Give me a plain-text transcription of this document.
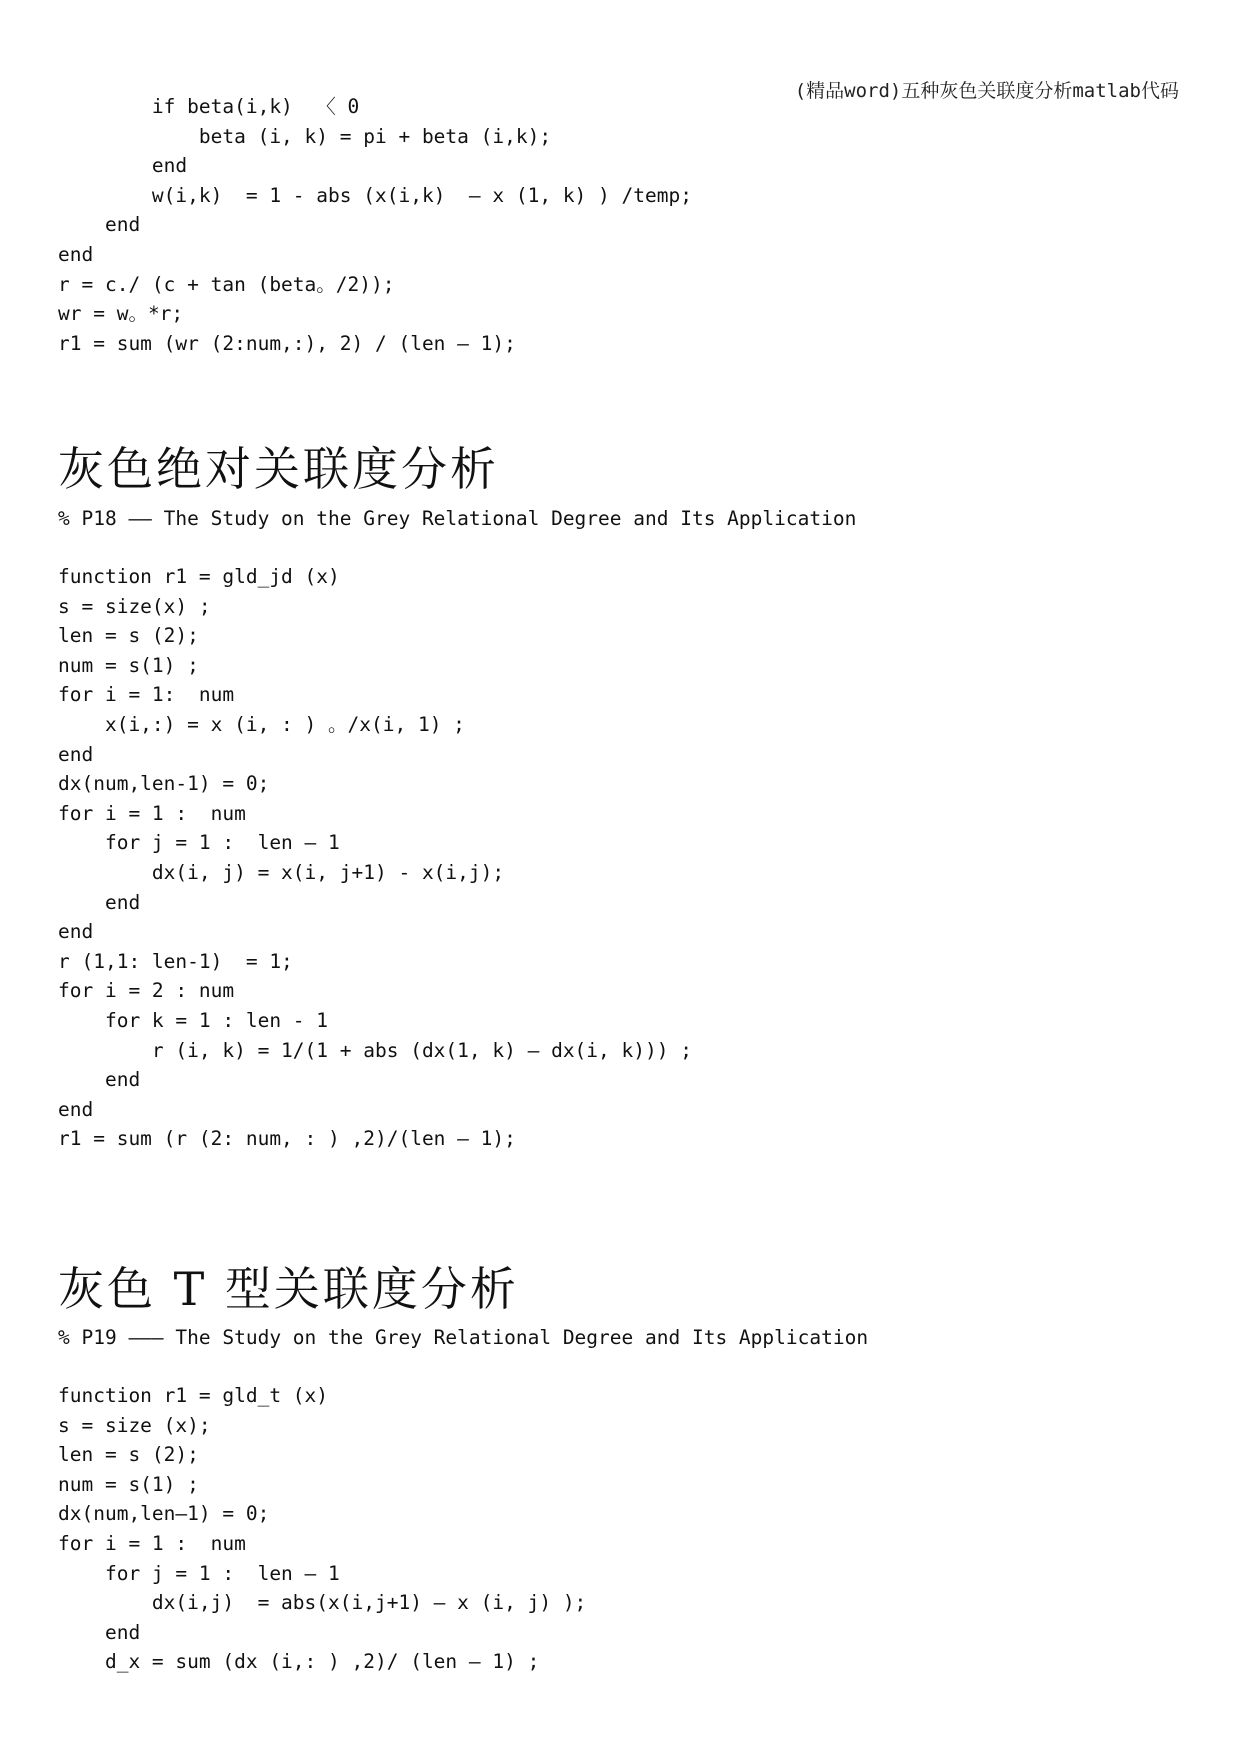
(精品word)五种灰色关联度分析matlab代码
if beta(i,k)  〈 0
beta (i, k) = pi + beta (i,k);
end
w(i,k)  = 1 - abs (x(i,k)  — x (1, k) ) /temp;
end
end
r = c./ (c + tan (beta。/2));
wr = w。*r;
r1 = sum (wr (2:num,:), 2) / (len — 1);
灰色绝对关联度分析
% P18 —— The Study on the Grey Relational Degree and Its Application
function r1 = gld_jd (x)
s = size(x) ;
len = s (2);
num = s(1) ;
for i = 1:  num
x(i,:) = x (i, : ) 。/x(i, 1) ;
end
dx(num,len-1) = 0;
for i = 1 :  num
for j = 1 :  len — 1
dx(i, j) = x(i, j+1) - x(i,j);
end
end
r (1,1: len-1)  = 1;
for i = 2 : num
for k = 1 : len - 1
r (i, k) = 1/(1 + abs (dx(1, k) — dx(i, k))) ;
end
end
r1 = sum (r (2: num, : ) ,2)/(len — 1);
灰色 T 型关联度分析
% P19 ——— The Study on the Grey Relational Degree and Its Application
function r1 = gld_t (x)
s = size (x);
len = s (2);
num = s(1) ;
dx(num,len—1) = 0;
for i = 1 :  num
for j = 1 :  len — 1
dx(i,j)  = abs(x(i,j+1) — x (i, j) );
end
d_x = sum (dx (i,: ) ,2)/ (len — 1) ;
